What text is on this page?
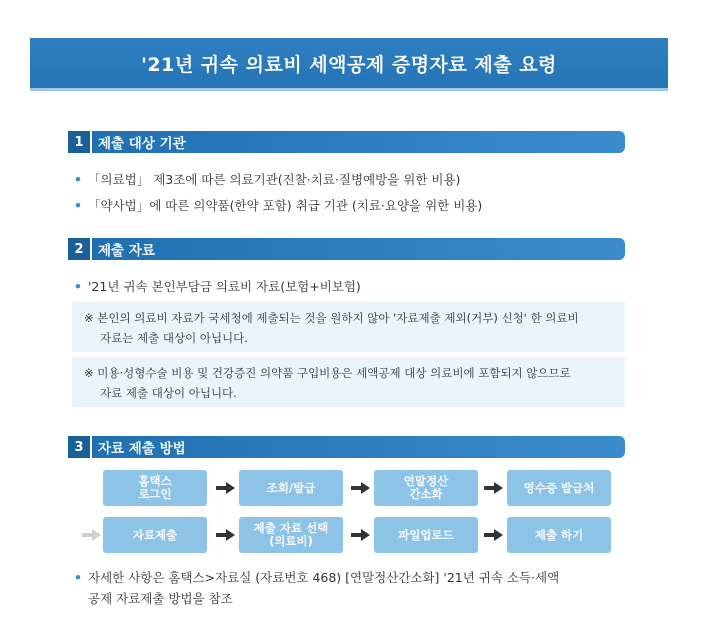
'21년 귀속 의료비 세액공제 증명자료 제출 요령
1	제출 대상 기관
• 「의료법」 제3조에 따른 의료기관(진찰·치료·질병예방을 위한 비용)
• 「약사법」에 따른 의약품(한약 포함) 취급 기관 (치료·요양을 위한 비용)
2	제출 자료
• '21년 귀속 본인부담금 의료비 자료(보험+비보험)
※ 본인의 의료비 자료가 국세청에 제출되는 것을 원하지 않아 '자료제출 제외(거부) 신청' 한 의료비
자료는 제출 대상이 아닙니다.
※ 미용·성형수술 비용 및 건강증진 의약품 구입비용은 세액공제 대상 의료비에 포함되지 않으므로
자료 제출 대상이 아닙니다.
3	자료 제출 방법
홈택스
로그인	조회/발급	연말정산
간소화	영수증 발급처
자료제출	제출 자료 선택
(의료비)	파일업로드	제출 하기
• 자세한 사항은 홈택스>자료실 (자료번호 468) [연말정산간소화] '21년 귀속 소득·세액
공제 자료제출 방법을 참조
